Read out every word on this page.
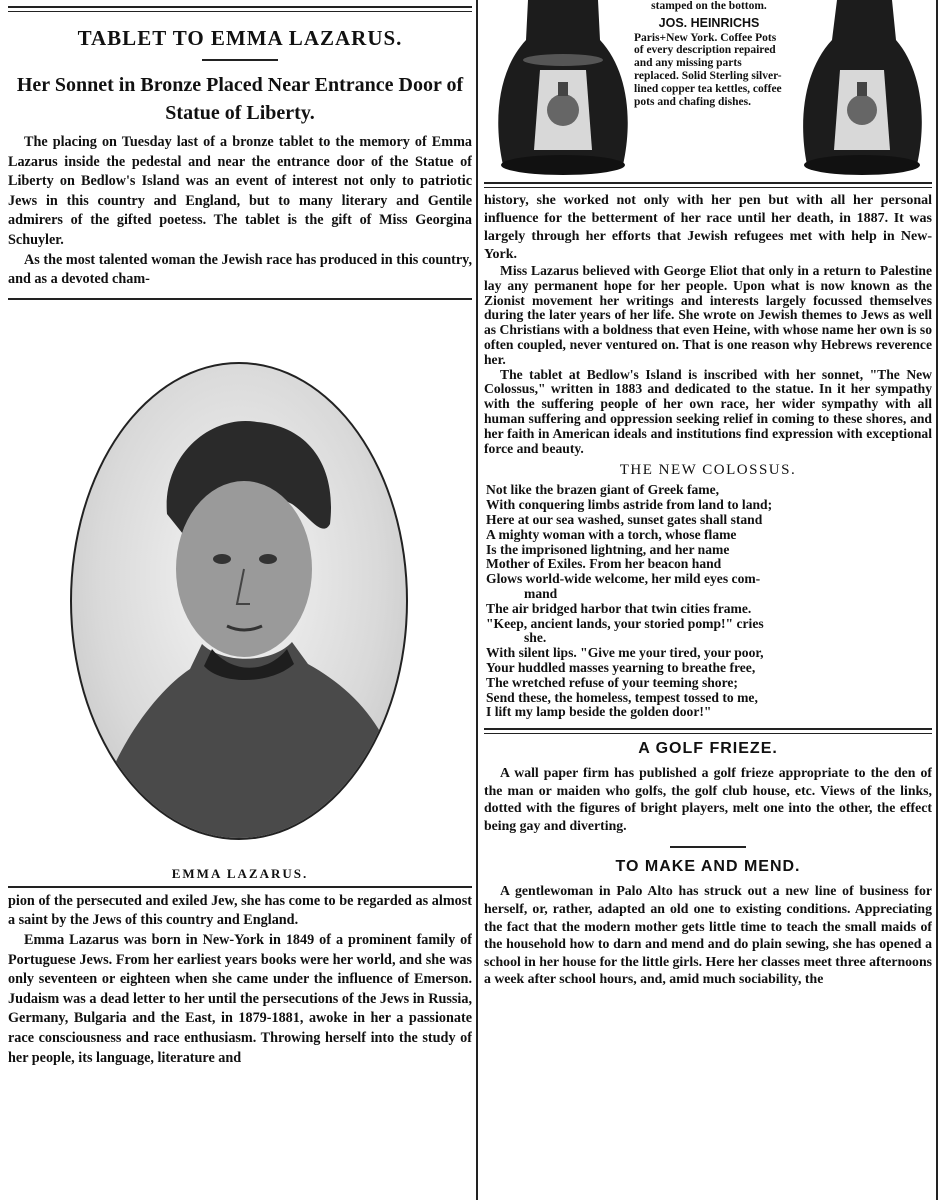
TABLET TO EMMA LAZARUS.
Her Sonnet in Bronze Placed Near Entrance Door of Statue of Liberty.

The placing on Tuesday last of a bronze tablet to the memory of Emma Lazarus inside the pedestal and near the entrance door of the Statue of Liberty on Bedlow's Island was an event of interest not only to patriotic Jews in this country and England, but to many literary and Gentile admirers of the gifted poetess. The tablet is the gift of Miss Georgina Schuyler.

As the most talented woman the Jewish race has produced in this country, and as a devoted cham-

EMMA LAZARUS.

pion of the persecuted and exiled Jew, she has come to be regarded as almost a saint by the Jews of this country and England.

Emma Lazarus was born in New-York in 1849 of a prominent family of Portuguese Jews. From her earliest years books were her world, and she was only seventeen or eighteen when she came under the influence of Emerson. Judaism was a dead letter to her until the persecutions of the Jews in Russia, Germany, Bulgaria and the East, in 1879-1881, awoke in her a passionate race consciousness and race enthusiasm. Throwing herself into the study of her people, its language, literature and

stamped on the bottom.
JOS. HEINRICHS
Paris+New York. Coffee Pots of every description repaired and any missing parts replaced. Solid Sterling silver-lined copper tea kettles, coffee pots and chafing dishes.

history, she worked not only with her pen but with all her personal influence for the betterment of her race until her death, in 1887. It was largely through her efforts that Jewish refugees met with help in New-York.

Miss Lazarus believed with George Eliot that only in a return to Palestine lay any permanent hope for her people. Upon what is now known as the Zionist movement her writings and interests largely focussed themselves during the later years of her life. She wrote on Jewish themes to Jews as well as Christians with a boldness that even Heine, with whose name her own is so often coupled, never ventured on. That is one reason why Hebrews reverence her.

The tablet at Bedlow's Island is inscribed with her sonnet, "The New Colossus," written in 1883 and dedicated to the statue. In it her sympathy with the suffering people of her own race, her wider sympathy with all human suffering and oppression seeking relief in coming to these shores, and her faith in American ideals and institutions find expression with exceptional force and beauty.

THE NEW COLOSSUS.
Not like the brazen giant of Greek fame,
With conquering limbs astride from land to land;
Here at our sea washed, sunset gates shall stand
A mighty woman with a torch, whose flame
Is the imprisoned lightning, and her name
Mother of Exiles. From her beacon hand
Glows world-wide welcome, her mild eyes com-
mand
The air bridged harbor that twin cities frame.
"Keep, ancient lands, your storied pomp!" cries
she.
With silent lips. "Give me your tired, your poor,
Your huddled masses yearning to breathe free,
The wretched refuse of your teeming shore;
Send these, the homeless, tempest tossed to me,
I lift my lamp beside the golden door!"
A GOLF FRIEZE.

A wall paper firm has published a golf frieze appropriate to the den of the man or maiden who golfs, the golf club house, etc. Views of the links, dotted with the figures of bright players, melt one into the other, the effect being gay and diverting.

TO MAKE AND MEND.

A gentlewoman in Palo Alto has struck out a new line of business for herself, or, rather, adapted an old one to existing conditions. Appreciating the fact that the modern mother gets little time to teach the small maids of the household how to darn and mend and do plain sewing, she has opened a school in her house for the little girls. Here her classes meet three afternoons a week after school hours, and, amid much sociability, the
